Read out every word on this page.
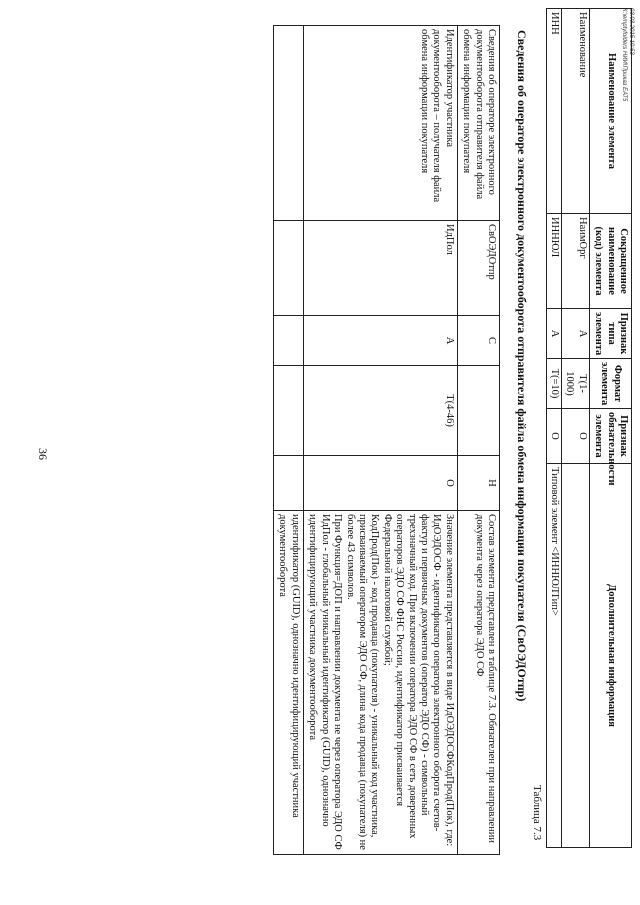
03.03.2015 10:53
К:\emptyfolders НИИ\Приказ ЕАТ5
Наименование элемента	Сокращенное наименование (код) элемента	Признак типа элемента	Формат элемента	Признак обязательности элемента	Дополнительная информация
Наименование	НаимОрг	А	T(1-1000)	О	
ИНН	ИННЮЛ	А	T(=10)	О	Типовой элемент <ИННЮЛТип>
Таблица 7.3
Сведения об операторе электронного документооборота отправителя файла обмена информации покупателя (СвОЭДОтпр)
Сведения об операторе электронного документооборота отправителя файла обмена информации покупателя	СвОЭДОтпр	С		Н	Состав элемента представлен в таблице 7.3. Обязателен при направлении документа через оператора ЭДО СФ

Идентификатор участника документооборота – получателя файла обмена информации покупателя	ИдПол	А	T(4-46)	О	Значение элемента представляется в виде ИдОЭДОСФКодПрод(Пок), где:
ИдОЭДОСФ - идентификатор оператора электронного оборота счетов-фактур и первичных документов (оператор ЭДО СФ) - символьный трехзначный код. При включении оператора ЭДО СФ в сеть доверенных операторов ЭДО СФ ФНС России, идентификатор присваивается Федеральной налоговой службой;
КодПрод(Пок) - код продавца (покупателя) - уникальный код участника, присваиваемый оператором ЭДО СФ, длина кода продавца (покупателя) не более 43 символов.
При Функция=ДОП и направлении документа не через оператора ЭДО СФ ИдПол - глобальный уникальный идентификатор (GUID), однозначно идентифицирующий участника документооборота

					идентификатор (GUID), однозначно идентифицирующий участника документооборота
36
